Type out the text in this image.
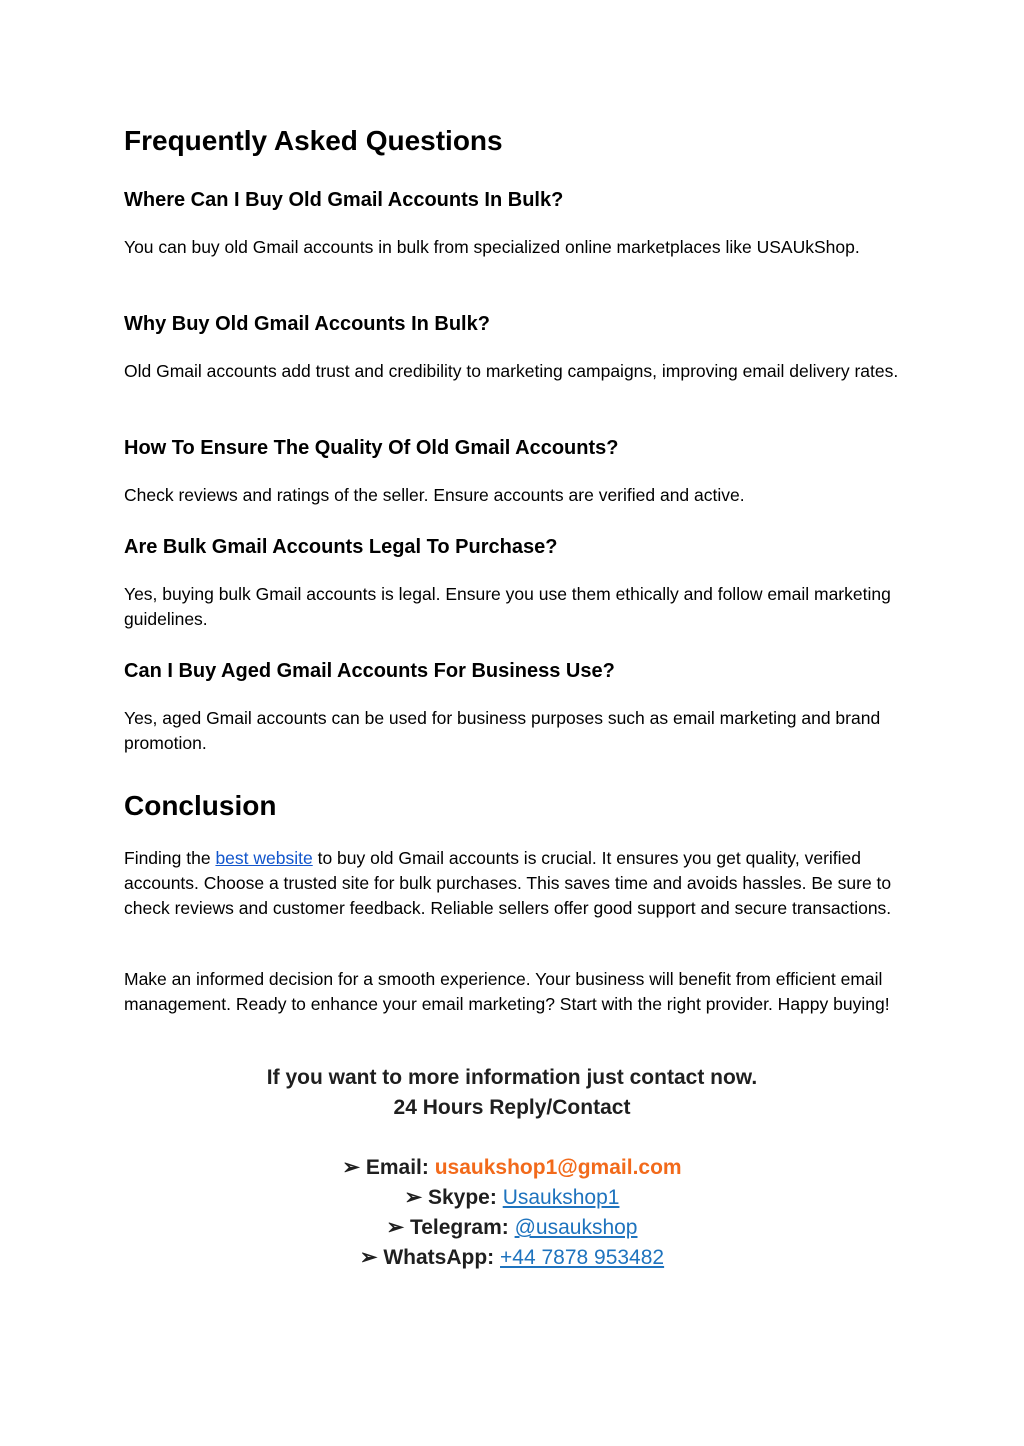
Frequently Asked Questions
Where Can I Buy Old Gmail Accounts In Bulk?

You can buy old Gmail accounts in bulk from specialized online marketplaces like USAUkShop.

Why Buy Old Gmail Accounts In Bulk?

Old Gmail accounts add trust and credibility to marketing campaigns, improving email delivery rates.

How To Ensure The Quality Of Old Gmail Accounts?

Check reviews and ratings of the seller. Ensure accounts are verified and active.

Are Bulk Gmail Accounts Legal To Purchase?

Yes, buying bulk Gmail accounts is legal. Ensure you use them ethically and follow email marketing guidelines.

Can I Buy Aged Gmail Accounts For Business Use?

Yes, aged Gmail accounts can be used for business purposes such as email marketing and brand promotion.

Conclusion

Finding the best website to buy old Gmail accounts is crucial. It ensures you get quality, verified accounts. Choose a trusted site for bulk purchases. This saves time and avoids hassles. Be sure to check reviews and customer feedback. Reliable sellers offer good support and secure transactions.

Make an informed decision for a smooth experience. Your business will benefit from efficient email management. Ready to enhance your email marketing? Start with the right provider. Happy buying!

If you want to more information just contact now.
24 Hours Reply/Contact

➢ Email: usaukshop1@gmail.com
➢ Skype: Usaukshop1
➢ Telegram: @usaukshop
➢ WhatsApp: +44 7878 953482
